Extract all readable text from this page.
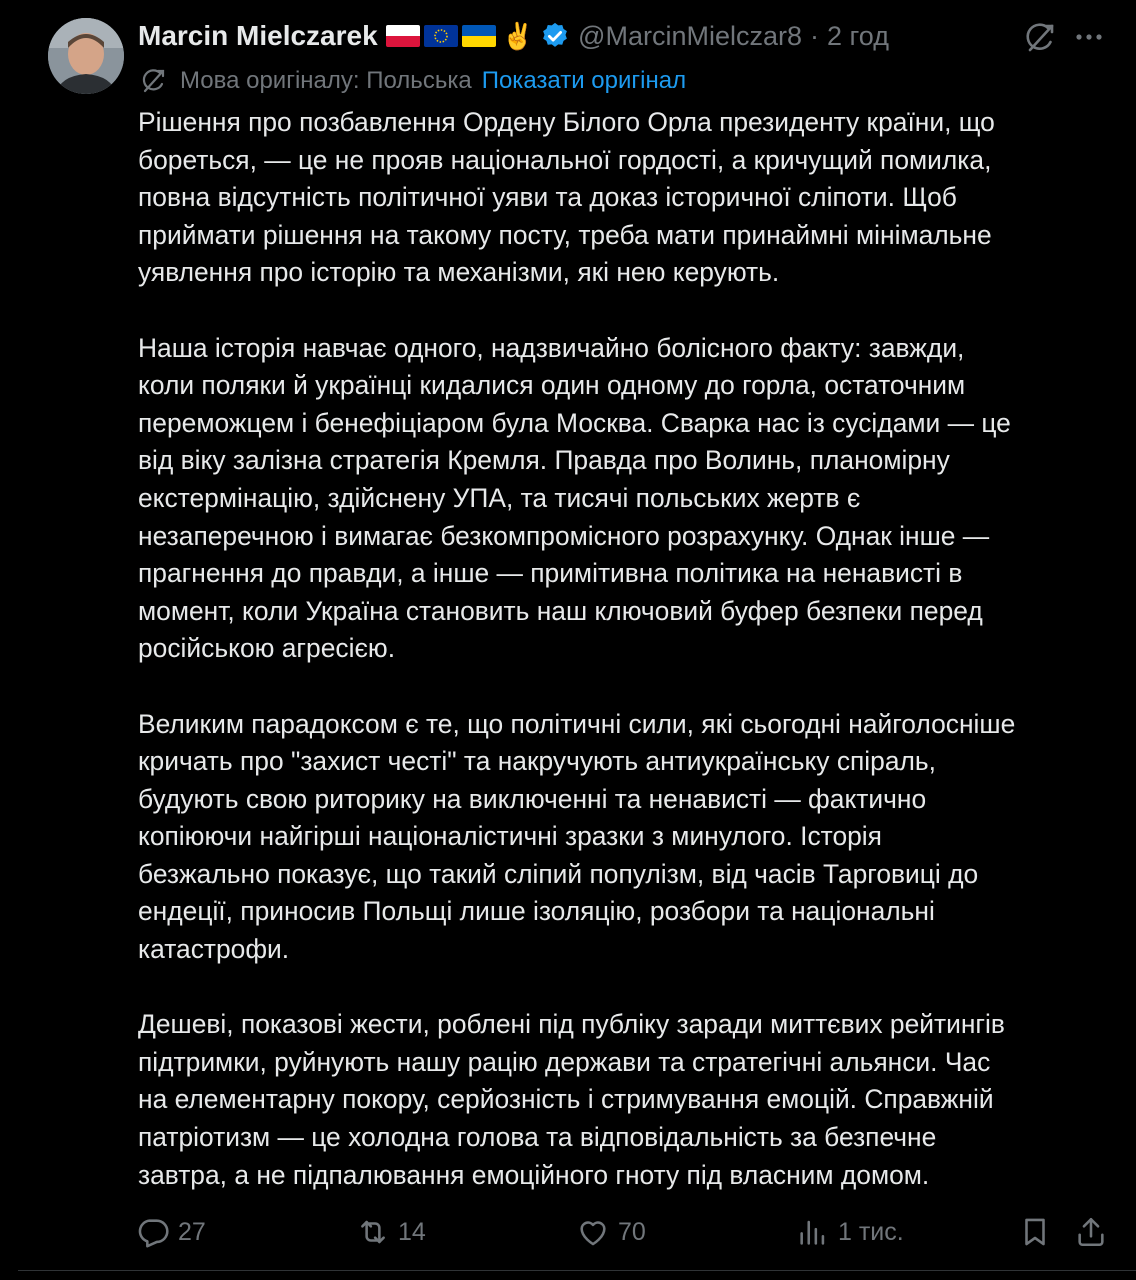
Marcin Mielczarek	✌️ @MarcinMielczar8 · 2 год
Мова оригіналу: Польська Показати оригінал

Рішення про позбавлення Ордену Білого Орла президенту країни, що
бореться, — це не прояв національної гордості, а кричущий помилка,
повна відсутність політичної уяви та доказ історичної сліпоти. Щоб
приймати рішення на такому посту, треба мати принаймні мінімальне
уявлення про історію та механізми, які нею керують.

Наша історія навчає одного, надзвичайно болісного факту: завжди,
коли поляки й українці кидалися один одному до горла, остаточним
переможцем і бенефіціаром була Москва. Сварка нас із сусідами — це
від віку залізна стратегія Кремля. Правда про Волинь, планомірну
екстермінацію, здійснену УПА, та тисячі польських жертв є
незаперечною і вимагає безкомпромісного розрахунку. Однак інше —
прагнення до правди, а інше — примітивна політика на ненависті в
момент, коли Україна становить наш ключовий буфер безпеки перед
російською агресією.

Великим парадоксом є те, що політичні сили, які сьогодні найголосніше
кричать про "захист честі" та накручують антиукраїнську спіраль,
будують свою риторику на виключенні та ненависті — фактично
копіюючи найгірші націоналістичні зразки з минулого. Історія
безжально показує, що такий сліпий популізм, від часів Тарговиці до
ендеції, приносив Польщі лише ізоляцію, розбори та національні
катастрофи.

Дешеві, показові жести, роблені під публіку заради миттєвих рейтингів
підтримки, руйнують нашу рацію держави та стратегічні альянси. Час
на елементарну покору, серйозність і стримування емоцій. Справжній
патріотизм — це холодна голова та відповідальність за безпечне
завтра, а не підпалювання емоційного гноту під власним домом.

27	14	70	1 тис.
